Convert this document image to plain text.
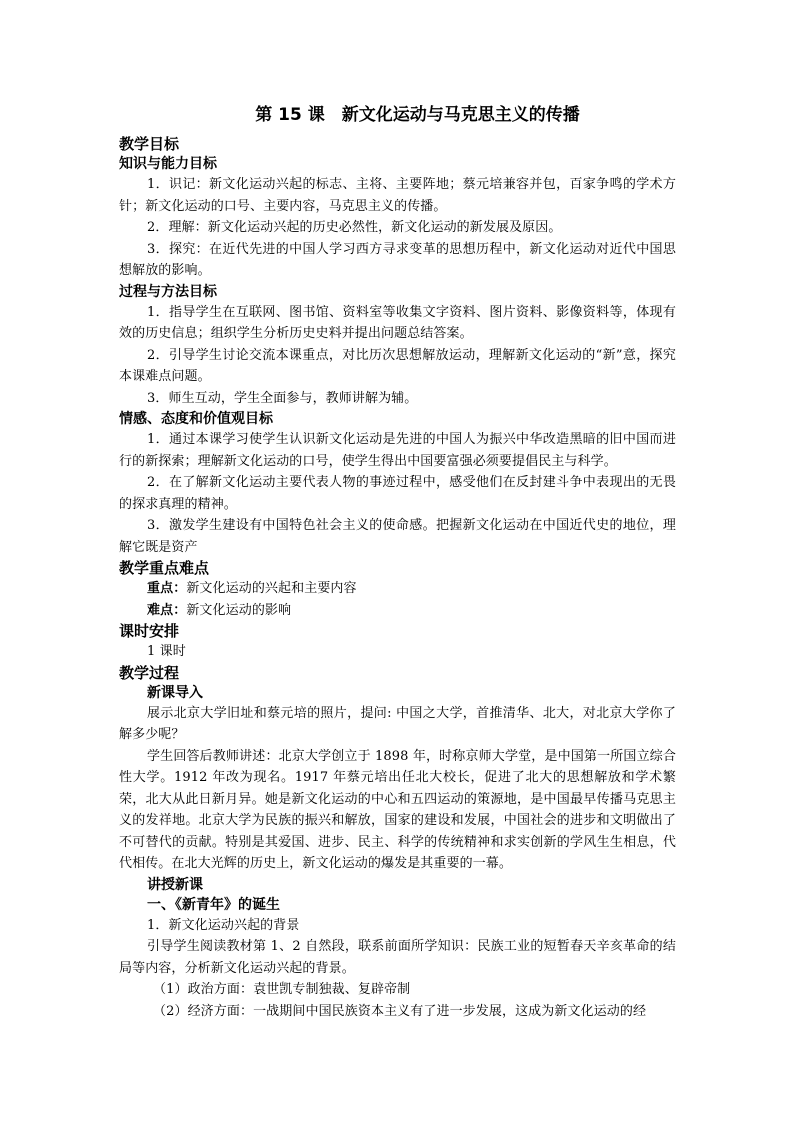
第 15 课　新文化运动与马克思主义的传播
教学目标
知识与能力目标

1．识记：新文化运动兴起的标志、主将、主要阵地；蔡元培兼容并包，百家争鸣的学术方针；新文化运动的口号、主要内容，马克思主义的传播。

2．理解：新文化运动兴起的历史必然性，新文化运动的新发展及原因。

3．探究：在近代先进的中国人学习西方寻求变革的思想历程中，新文化运动对近代中国思想解放的影响。

过程与方法目标

1．指导学生在互联网、图书馆、资料室等收集文字资料、图片资料、影像资料等，体现有效的历史信息；组织学生分析历史史料并提出问题总结答案。

2．引导学生讨论交流本课重点，对比历次思想解放运动，理解新文化运动的“新”意，探究本课难点问题。

3．师生互动，学生全面参与，教师讲解为辅。

情感、态度和价值观目标

1．通过本课学习使学生认识新文化运动是先进的中国人为振兴中华改造黑暗的旧中国而进行的新探索；理解新文化运动的口号，使学生得出中国要富强必须要提倡民主与科学。

2．在了解新文化运动主要代表人物的事迹过程中，感受他们在反封建斗争中表现出的无畏的探求真理的精神。

3．激发学生建设有中国特色社会主义的使命感。把握新文化运动在中国近代史的地位，理解它既是资产

教学重点难点

重点：新文化运动的兴起和主要内容

难点：新文化运动的影响

课时安排

1 课时

教学过程
新课导入

展示北京大学旧址和蔡元培的照片，提问: 中国之大学，首推清华、北大，对北京大学你了解多少呢？

学生回答后教师讲述：北京大学创立于 1898 年，时称京师大学堂，是中国第一所国立综合性大学。1912 年改为现名。1917 年蔡元培出任北大校长，促进了北大的思想解放和学术繁荣，北大从此日新月异。她是新文化运动的中心和五四运动的策源地，是中国最早传播马克思主义的发祥地。北京大学为民族的振兴和解放，国家的建设和发展，中国社会的进步和文明做出了不可替代的贡献。特别是其爱国、进步、民主、科学的传统精神和求实创新的学风生生相息，代代相传。在北大光辉的历史上，新文化运动的爆发是其重要的一幕。

讲授新课
一、《新青年》的诞生

1．新文化运动兴起的背景

引导学生阅读教材第 1、2 自然段，联系前面所学知识：民族工业的短暂春天辛亥革命的结局等内容，分析新文化运动兴起的背景。

（1）政治方面：袁世凯专制独裁、复辟帝制

（2）经济方面：一战期间中国民族资本主义有了进一步发展，这成为新文化运动的经
